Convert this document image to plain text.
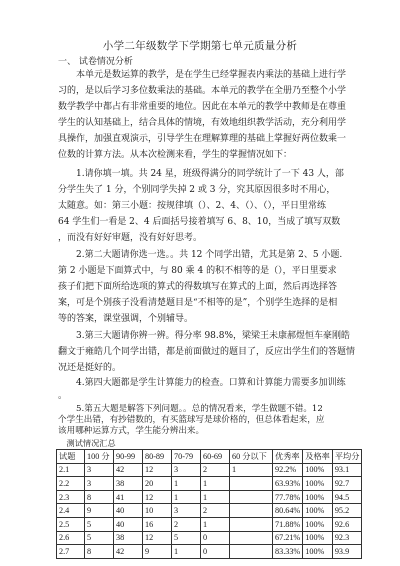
小学二年级数学下学期第七单元质量分析
一、 试卷情况分析
本单元是数运算的教学，是在学生已经掌握表内乘法的基础上进行学
习的，是以后学习多位数乘法的基础。本单元的教学在全册乃至整个小学
数学教学中都占有非常重要的地位。因此在本单元的教学中教师是在尊重
学生的认知基础上，结合具体的情境，有效地组织教学活动，充分利用学
具操作，加强直观演示，引导学生在理解算理的基础上掌握好两位数乘一
位数的计算方法。从本次检测来看，学生的掌握情况如下：
1.请你填一填。共 24 星，班级得满分的同学统计了一下 43 人，部
分学生失了 1 分，个别同学失掉 2 或 3 分，究其原因很多时不用心，
太随意。如：第三小题：按规律填（）、2、4、（）、（），平日里常练
64 学生们一看是 2、4 后面括号接着填写 6、8、10，当成了填写双数
，而没有好好审题，没有好好思考。
2.第二大题请你选一选。。共 12 个同学出错，尤其是第 2、5 小题.
第 2 小题是下面算式中，与 80 乘 4 的积不相等的是（），平日里要求
孩子们把下面所给选项的算式的得数填写在算式的上面，然后再选择答
案，可是个别孩子没看清楚题目是“不相等的是”，个别学生选择的是相
等的答案，课堂强调，个别辅导。
3.第三大题请你辨一辨。得分率 98.8%，梁梁王未康郝煜恒车豪刚皓
翻文于雍皓几个同学出错，都是前面做过的题目了，反应出学生们的答题情
况还是挺好的。
4.第四大题都是学生计算能力的检查。口算和计算能力需要多加训练
。
5.第五大题是解答下列问题。。总的情况看来，学生做题不错。12
个学生出错，有抄错数的，有买篮球写是球价格的，但总体看起来，应
该用哪种运算方式，学生能分辨出来。
测试情况汇总									
试题	100 分	90-99	80-89	70-79	60-69	60 分以下	优秀率	及格率	平均分
2.1	3	42	12	3	2	1	92.2%	100%	93.1
2.2	3	38	20	1	1		63.93%	100%	92.7
2.3	8	41	12	1	1		77.78%	100%	94.5
2.4	9	40	10	3	2		80.64%	100%	95.2
2.5	5	40	16	2	1		71.88%	100%	92.6
2.6	5	38	12	5	0		67.21%	100%	92.3
2.7	8	42	9	1	0		83.33%	100%	93.9
